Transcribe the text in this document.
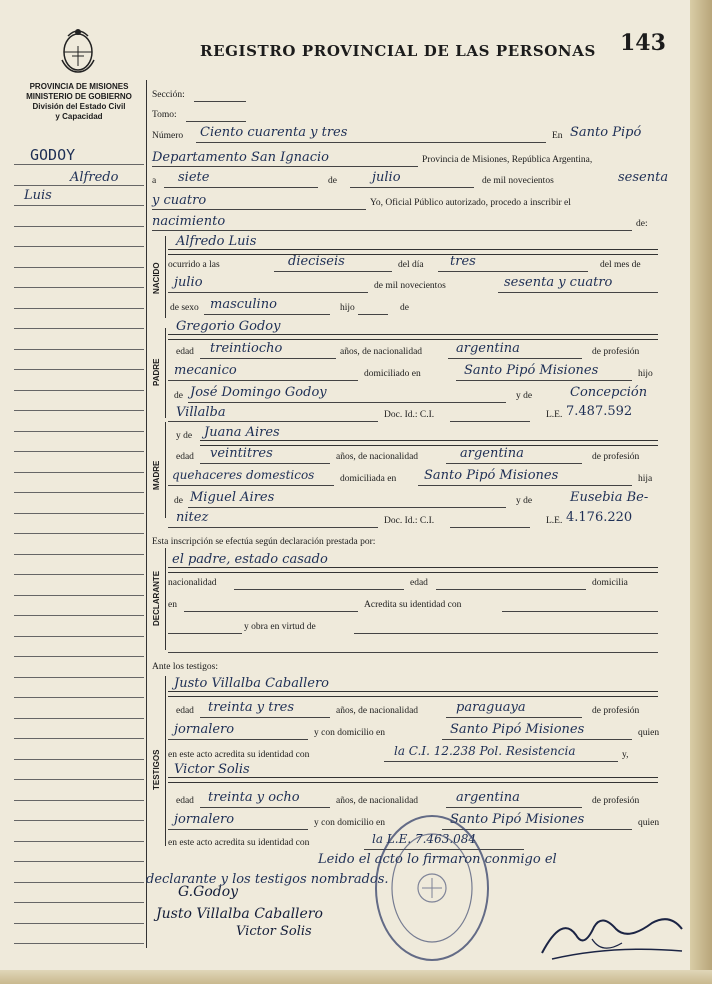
PROVINCIA DE MISIONES
MINISTERIO DE GOBIERNO
División del Estado Civil
y Capacidad
REGISTRO PROVINCIAL DE LAS PERSONAS 143
GODOY
Alfredo
Luis
Sección:
Tomo:
Número Ciento cuarenta y tres	En Santo Pipó
Departamento San Ignacio	Provincia de Misiones, República Argentina,
a siete	de	julio	de mil novecientos	sesenta
y cuatro	Yo, Oficial Público autorizado, procedo a inscribir el
nacimiento	de:
NACIDO
Alfredo Luis
ocurrido a las	dieciseis	del día tres	del mes de
julio	de mil novecientos	sesenta y cuatro
de sexo masculino	hijo	de
PADRE
Gregorio Godoy
edad treintiocho	años, de nacionalidad	argentina	de profesión
mecanico	domiciliado en	Santo Pipó Misiones	hijo
de José Domingo Godoy	y de	Concepción
Villalba	Doc. Id.: C.I.	L.E. 7.487.592
MADRE
y de Juana Aires
edad veintitres	años, de nacionalidad	argentina	de profesión
quehaceres domesticos	domiciliada en Santo Pipó Misiones	hija
de Miguel Aires	y de	Eusebia Be-
nitez	Doc. Id.: C.I.	L.E. 4.176.220
Esta inscripción se efectúa según declaración prestada por:
DECLARANTE
el padre, estado casado
nacionalidad	edad	domicilia
en	Acredita su identidad con
y obra en virtud de
Ante los testigos:
TESTIGOS
Justo Villalba Caballero
edad treinta y tres	años, de nacionalidad	paraguaya	de profesión
jornalero	y con domicilio en	Santo Pipó Misiones	quien
en este acto acredita su identidad con	la C.I. 12.238 Pol. Resistencia	y,
Victor Solis
edad treinta y ocho	años, de nacionalidad	argentina	de profesión
jornalero	y con domicilio en	Santo Pipó Misiones	quien
en este acto acredita su identidad con	la L.E. 7.463.084
Leido el acto lo firmaron conmigo el
declarante y los testigos nombrados.
G.Godoy
Justo Villalba Caballero
Victor Solis
